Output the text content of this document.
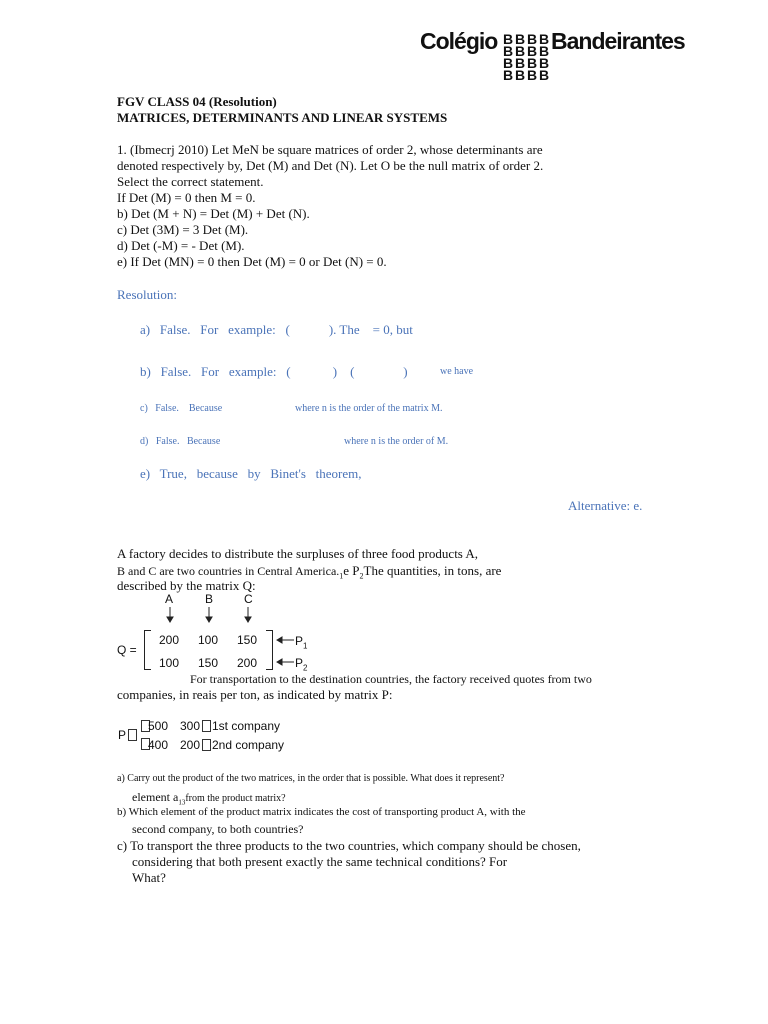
Colégio B B B B
B B B B
B B B B
B B B B
Bandeirantes
FGV CLASS 04 (Resolution)
MATRICES, DETERMINANTS AND LINEAR SYSTEMS
1. (Ibmecrj 2010) Let MeN be square matrices of order 2, whose determinants are
denoted respectively by, Det (M) and Det (N). Let O be the null matrix of order 2.
Select the correct statement.
If Det (M) = 0 then M = 0.
b) Det (M + N) = Det (M) + Det (N).
c) Det (3M) = 3 Det (M).
d) Det (-M) = - Det (M).
e) If Det (MN) = 0 then Det (M) = 0 or Det (N) = 0.
Resolution:
a)   False.   For   example:   (            ). The    = 0, but
b)   False.   For   example:   (             )    (               )	we have
c)   False.    Because	where n is the order of the matrix M.
d)   False.   Because	where n is the order of M.
e)   True,   because   by   Binet's   theorem,
Alternative: e.
A factory decides to distribute the surpluses of three food products A,
B and C are two countries in Central $America._1e$ $P_2The$ quantities, in tons, are
described by the matrix Q:
A	B	C
Q =
200 100 150
100 150 200
$P_1$
$P_2$
For transportation to the destination countries, the factory received quotes from two
companies, in reais per ton, as indicated by matrix P:
P
500 300 1st company
400 200 2nd company
a) Carry out the product of the two matrices, in the order that is possible. What does it represent?
element $a_{13}from$ the product matrix?
b) Which element of the product matrix indicates the cost of transporting product A, with the
second company, to both countries?
c) To transport the three products to the two countries, which company should be chosen,
considering that both present exactly the same technical conditions? For
What?
